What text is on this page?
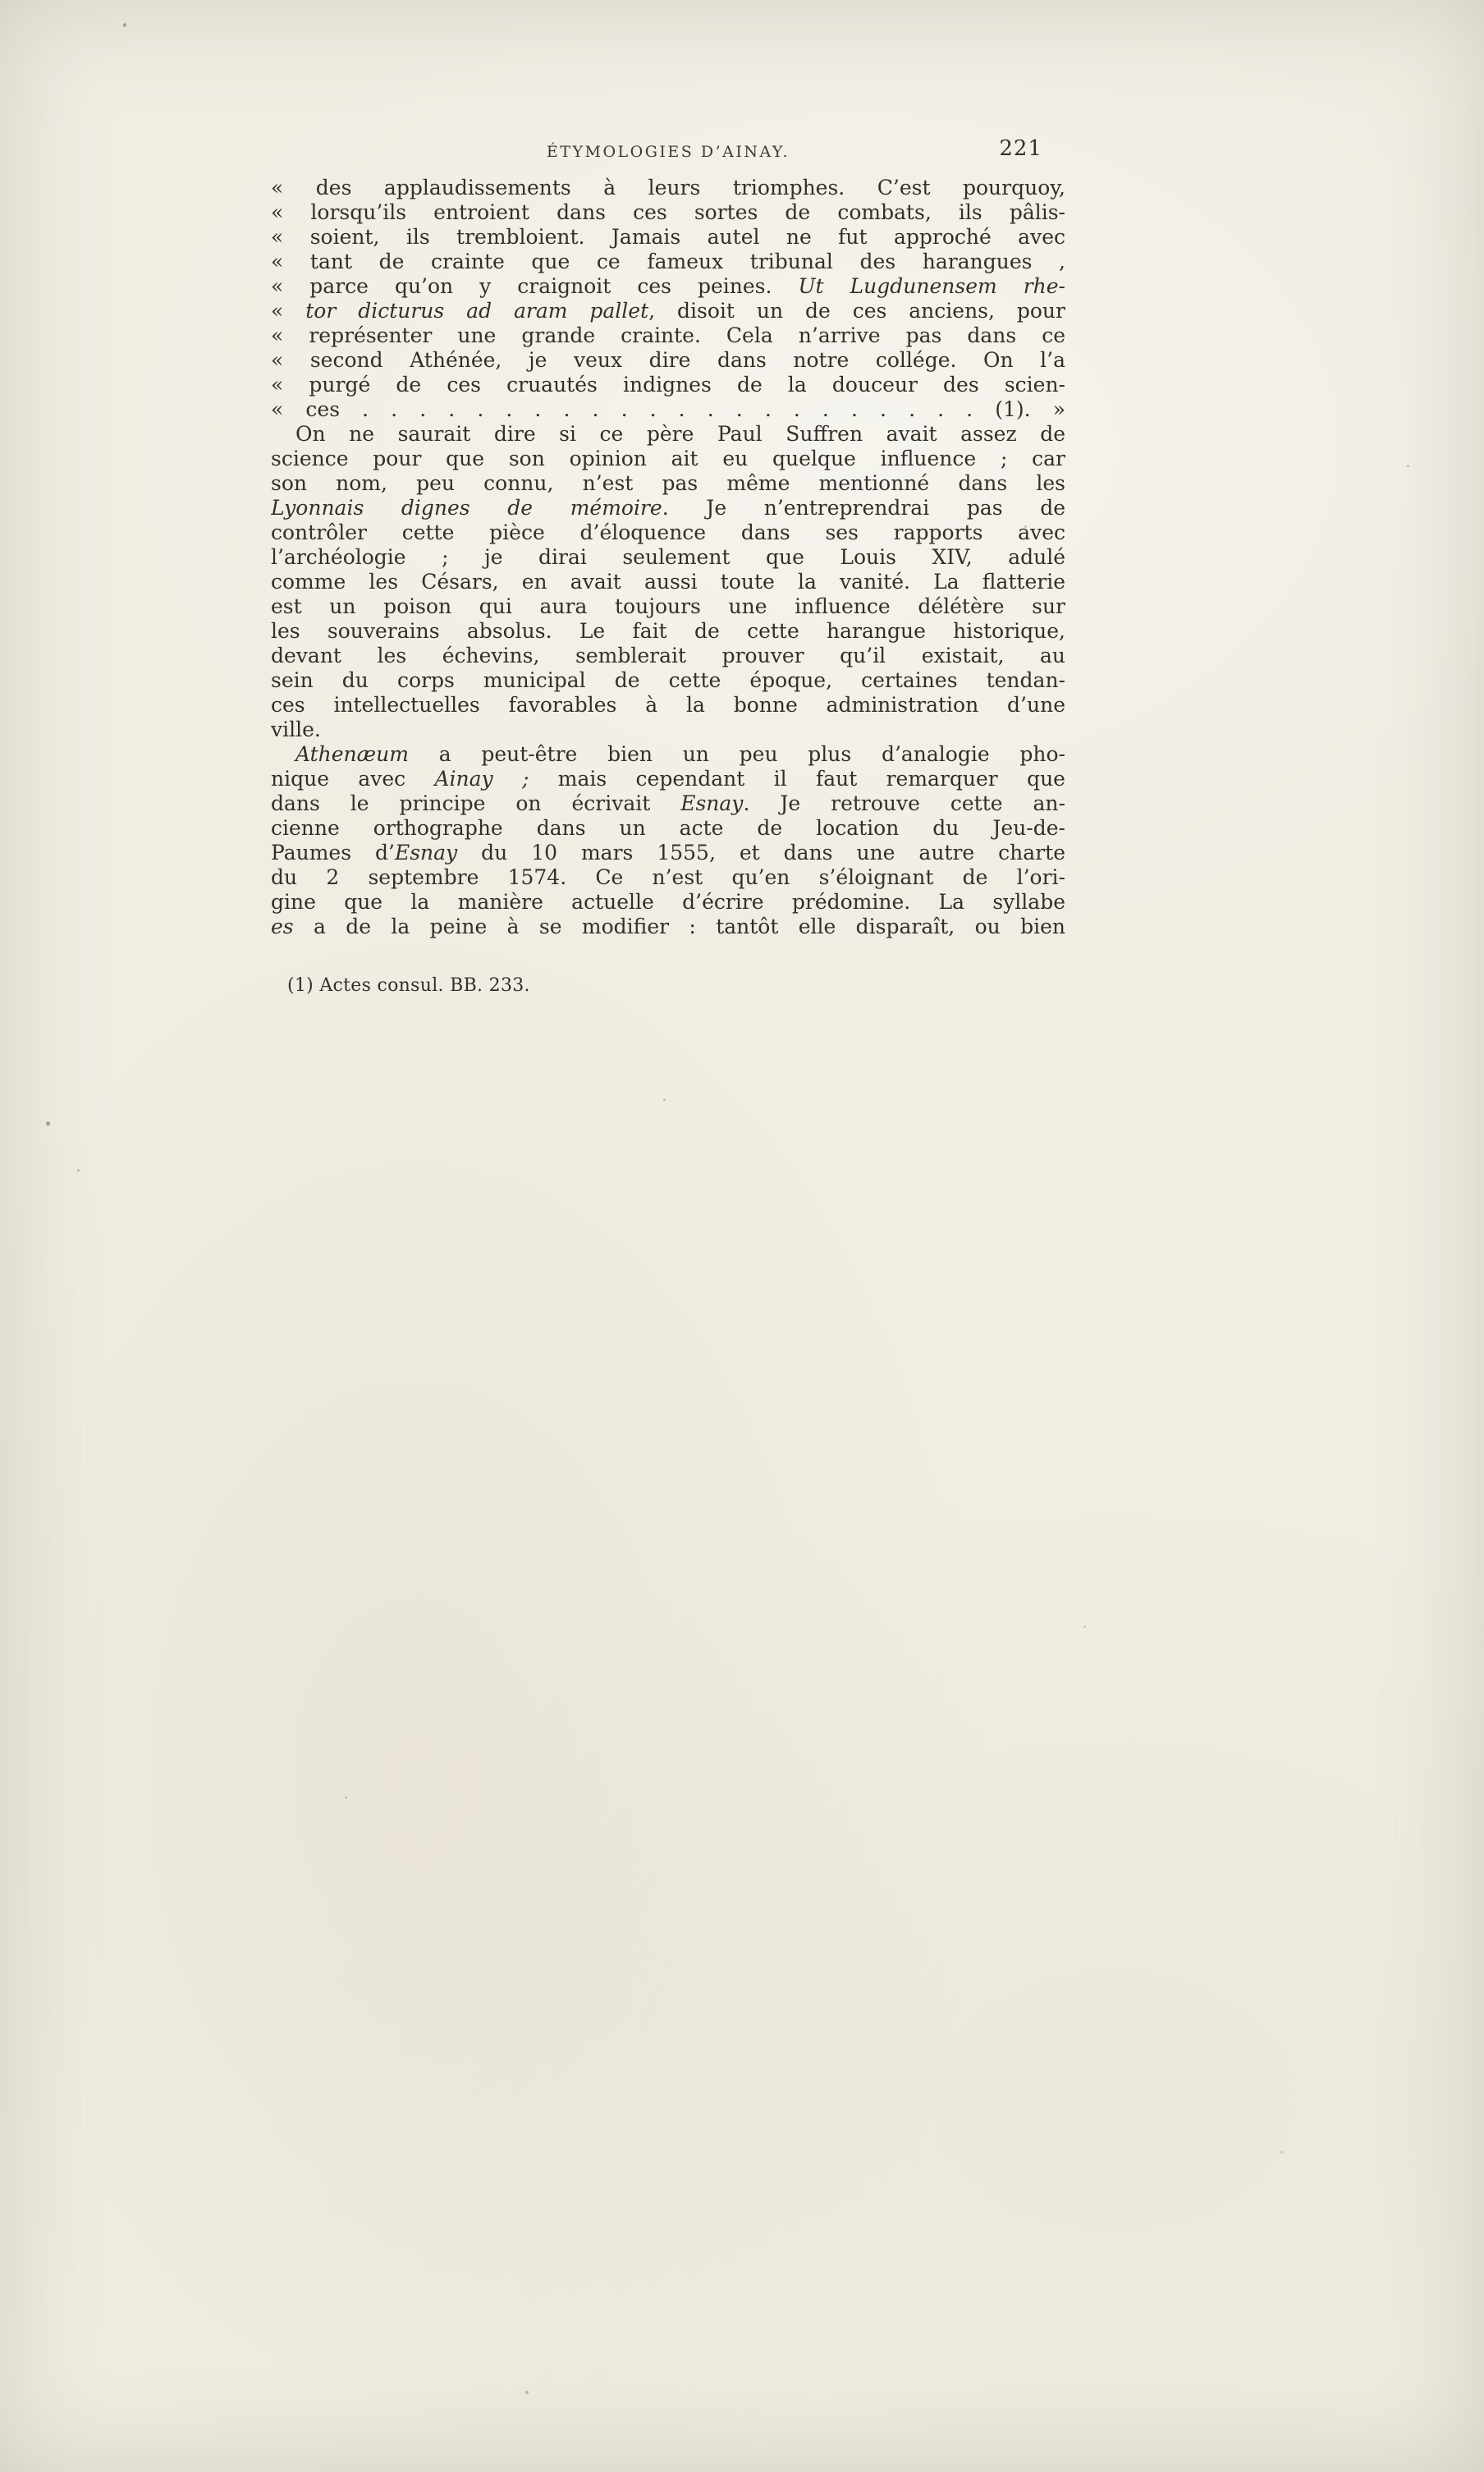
ÉTYMOLOGIES D’AINAY.	221
« des applaudissements à leurs triomphes. C’est pourquoy,
« lorsqu’ils entroient dans ces sortes de combats, ils pâlis-
« soient, ils trembloient. Jamais autel ne fut approché avec
« tant de crainte que ce fameux tribunal des harangues ,
« parce qu’on y craignoit ces peines. Ut Lugdunensem rhe-
« tor dicturus ad aram pallet, disoit un de ces anciens, pour
« représenter une grande crainte. Cela n’arrive pas dans ce
« second Athénée, je veux dire dans notre collége. On l’a
« purgé de ces cruautés indignes de la douceur des scien-
« ces . . . . . . . . . . . . . . . . . . . . . . (1). »
On ne saurait dire si ce père Paul Suffren avait assez de
science pour que son opinion ait eu quelque influence ; car
son nom, peu connu, n’est pas même mentionné dans les
Lyonnais dignes de mémoire. Je n’entreprendrai pas de
contrôler cette pièce d’éloquence dans ses rapports avec
l’archéologie ; je dirai seulement que Louis XIV, adulé
comme les Césars, en avait aussi toute la vanité. La flatterie
est un poison qui aura toujours une influence délétère sur
les souverains absolus. Le fait de cette harangue historique,
devant les échevins, semblerait prouver qu’il existait, au
sein du corps municipal de cette époque, certaines tendan-
ces intellectuelles favorables à la bonne administration d’une
ville.
Athenæum a peut-être bien un peu plus d’analogie pho-
nique avec Ainay ; mais cependant il faut remarquer que
dans le principe on écrivait Esnay. Je retrouve cette an-
cienne orthographe dans un acte de location du Jeu-de-
Paumes d’Esnay du 10 mars 1555, et dans une autre charte
du 2 septembre 1574. Ce n’est qu’en s’éloignant de l’ori-
gine que la manière actuelle d’écrire prédomine. La syllabe
es a de la peine à se modifier : tantôt elle disparaît, ou bien
(1) Actes consul. BB. 233.
